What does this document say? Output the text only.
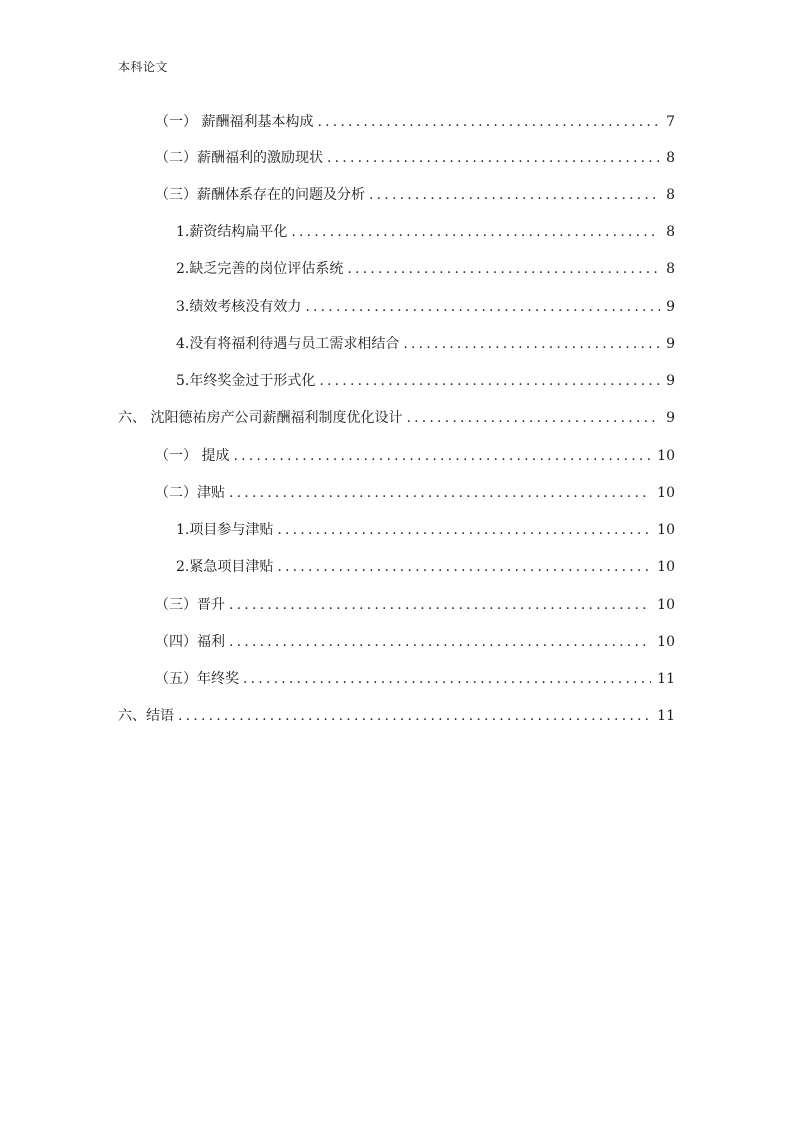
本科论文
（一） 薪酬福利基本构成 .....	7
（二）薪酬福利的激励现状 .....	8
（三）薪酬体系存在的问题及分析 .....	8
1.薪资结构扁平化 .....	8
2.缺乏完善的岗位评估系统 .....	8
3.绩效考核没有效力 .....	9
4.没有将福利待遇与员工需求相结合 .....	9
5.年终奖金过于形式化 .....	9
六、 沈阳德祐房产公司薪酬福利制度优化设计 .....	9
（一） 提成 .....	10
（二）津贴 .....	10
1.项目参与津贴 .....	10
2.紧急项目津贴 .....	10
（三）晋升 .....	10
（四）福利 .....	10
（五）年终奖 .....	11
六、结语 .....	11
